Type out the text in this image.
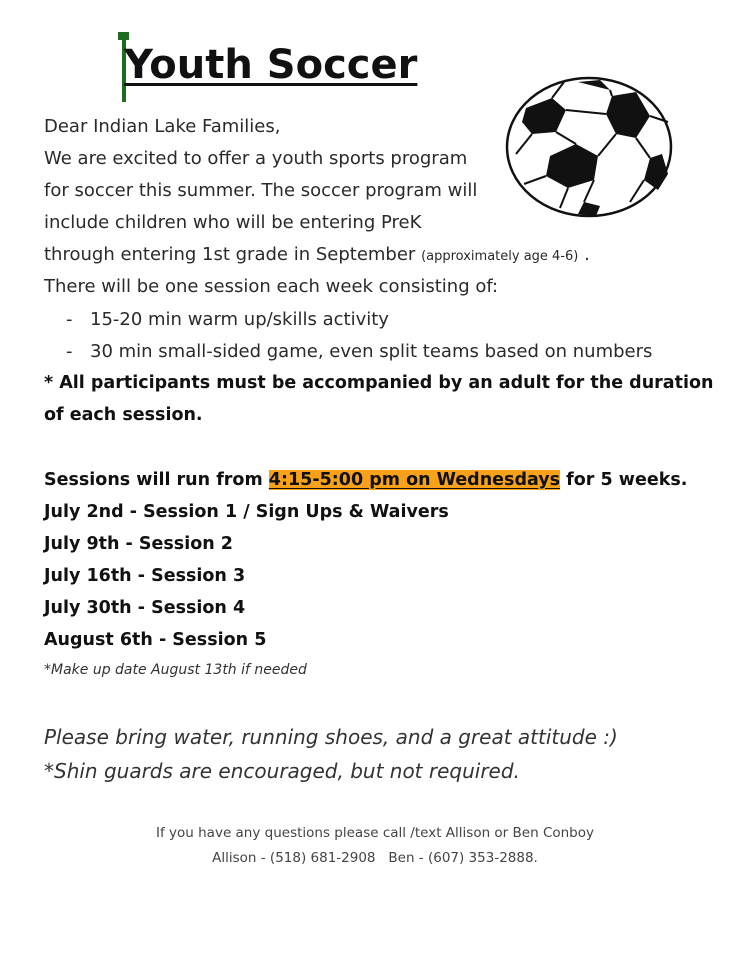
Youth Soccer
Dear Indian Lake Families,
We are excited to offer a youth sports program
for soccer this summer. The soccer program will
include children who will be entering PreK
through entering 1st grade in September (approximately age 4-6) .
There will be one session each week consisting of:
- 15-20 min warm up/skills activity
- 30 min small-sided game, even split teams based on numbers
* All participants must be accompanied by an adult for the duration
of each session.
Sessions will run from 4:15-5:00 pm on Wednesdays for 5 weeks.
July 2nd - Session 1 / Sign Ups & Waivers
July 9th - Session 2
July 16th - Session 3
July 30th - Session 4
August 6th - Session 5
*Make up date August 13th if needed
Please bring water, running shoes, and a great attitude :)
*Shin guards are encouraged, but not required.
If you have any questions please call /text Allison or Ben Conboy
Allison - (518) 681-2908   Ben - (607) 353-2888.
